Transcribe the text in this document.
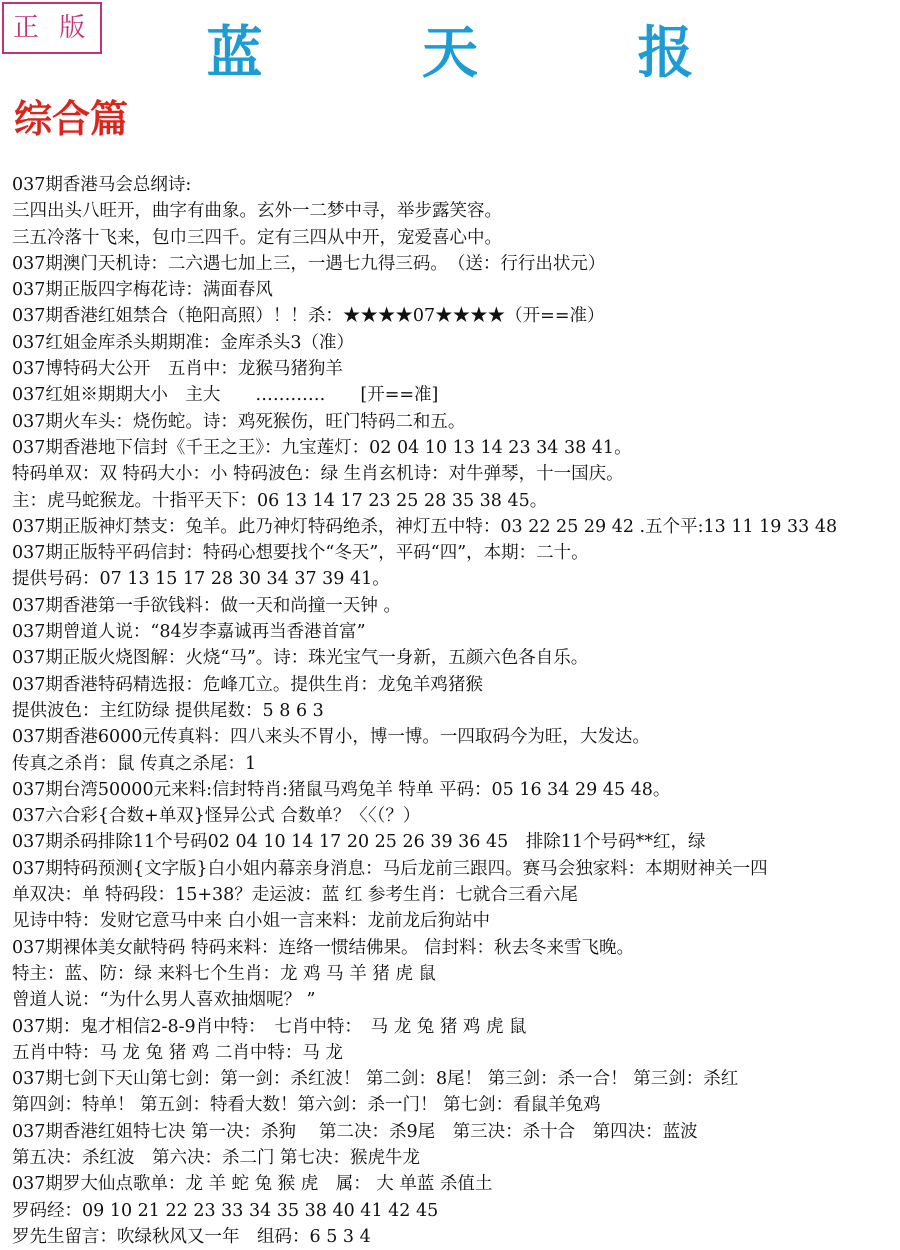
正 版	蓝 天 报
综合篇
037期香港马会总纲诗:
三四出头八旺开，曲字有曲象。玄外一二梦中寻，举步露笑容。
三五冷落十飞来，包巾三四千。定有三四从中开，宠爱喜心中。
037期澳门天机诗：二六遇七加上三，一遇七九得三码。　（送：行行出状元）
037期正版四字梅花诗：满面春风
037期香港红姐禁合（艳阳高照）！！杀：★★★★07★★★★（开==准）
037红姐金库杀头期期准：金库杀头3（准）
037博特码大公开　五肖中：龙猴马猪狗羊
037红姐※期期大小　主大　　…………　　[开==准]
037期火车头：烧伤蛇。诗：鸡死猴伤，旺门特码二和五。
037期香港地下信封《千王之王》：九宝莲灯：02 04 10 13 14 23 34 38 41。
特码单双：双 特码大小：小 特码波色：绿 生肖玄机诗：对牛弹琴，十一国庆。
主：虎马蛇猴龙。十指平天下：06 13 14 17 23 25 28 35 38 45。
037期正版神灯禁支：兔羊。此乃神灯特码绝杀，神灯五中特：03 22 25 29 42 .五个平:13 11 19 33 48
037期正版特平码信封：特码心想要找个“冬天”，平码“四”，本期：二十。
提供号码：07 13 15 17 28 30 34 37 39 41。
037期香港第一手欲钱料：做一天和尚撞一天钟 。
037期曾道人说：“84岁李嘉诚再当香港首富”
037期正版火烧图解：火烧“马”。诗：珠光宝气一身新，五颜六色各自乐。
037期香港特码精选报：危峰兀立。提供生肖：龙兔羊鸡猪猴
提供波色：主红防绿 提供尾数：5 8 6 3
037期香港6000元传真料：四八来头不胃小，博一博。一四取码今为旺，大发达。
传真之杀肖：鼠 传真之杀尾：1
037期台湾50000元来料:信封特肖:猪鼠马鸡兔羊 特单 平码：05 16 34 29 45 48。
037六合彩{合数+单双}怪异公式 合数单？〈〈（？）
037期杀码排除11个号码02 04 10 14 17 20 25 26 39 36 45　排除11个号码**红，绿
037期特码预测{文字版}白小姐内幕亲身消息：马后龙前三跟四。赛马会独家料：本期财神关一四
单双决：单 特码段：15+38？走运波：蓝 红 参考生肖：七就合三看六尾
见诗中特：发财它意马中来 白小姐一言来料：龙前龙后狗站中
037期裸体美女献特码 特码来料：连络一惯结佛果。 信封料：秋去冬来雪飞晚。
特主：蓝、防：绿 来料七个生肖：龙 鸡 马 羊 猪 虎 鼠
曾道人说：“为什么男人喜欢抽烟呢？ ”
037期：鬼才相信2-8-9肖中特：　七肖中特：　马 龙 兔 猪 鸡 虎 鼠
五肖中特：马 龙 兔 猪 鸡 二肖中特：马 龙
037期七剑下天山第七剑：第一剑：杀红波！ 第二剑：8尾！ 第三剑：杀一合！ 第三剑：杀红
第四剑：特单！ 第五剑：特看大数！第六剑：杀一门！ 第七剑：看鼠羊兔鸡
037期香港红姐特七决 第一决：杀狗　 第二决：杀9尾　第三决：杀十合　第四决：蓝波
第五决：杀红波　第六决：杀二门 第七决：猴虎牛龙
037期罗大仙点歌单：龙 羊 蛇 兔 猴 虎　属： 大 单蓝 杀值土
罗码经：09 10 21 22 23 33 34 35 38 40 41 42 45
罗先生留言：吹绿秋风又一年　组码：6 5 3 4
